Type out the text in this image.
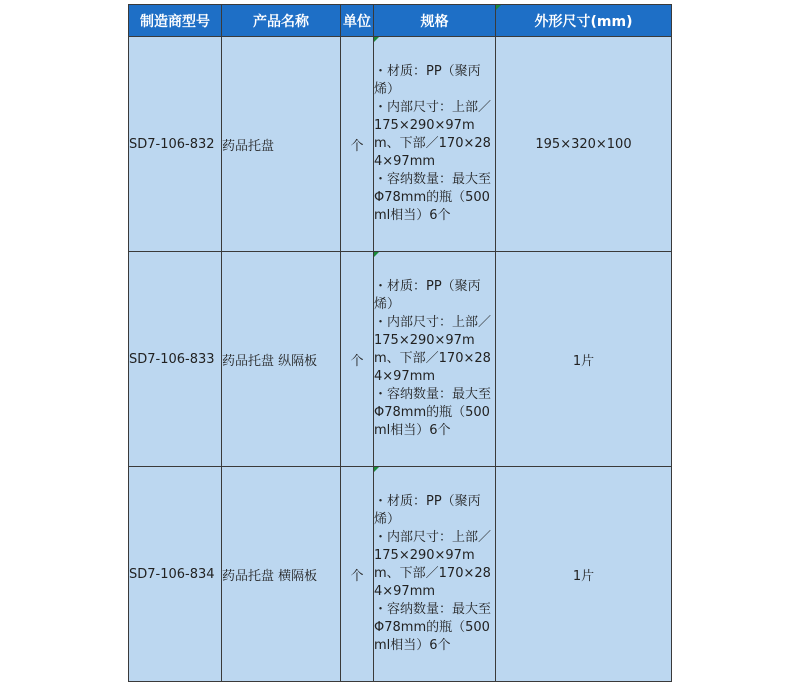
制造商型号	产品名称	单位	规格	外形尺寸(mm)
SD7-106-832	药品托盘	个	・材质：PP（聚丙烯）
・内部尺寸：上部／175×290×97mm、下部／170×284×97mm
・容纳数量：最大至Φ78mm的瓶（500ml相当）6个	195×320×100
SD7-106-833	药品托盘 纵隔板	个	・材质：PP（聚丙烯）
・内部尺寸：上部／175×290×97mm、下部／170×284×97mm
・容纳数量：最大至Φ78mm的瓶（500ml相当）6个	1片
SD7-106-834	药品托盘 横隔板	个	・材质：PP（聚丙烯）
・内部尺寸：上部／175×290×97mm、下部／170×284×97mm
・容纳数量：最大至Φ78mm的瓶（500ml相当）6个	1片
